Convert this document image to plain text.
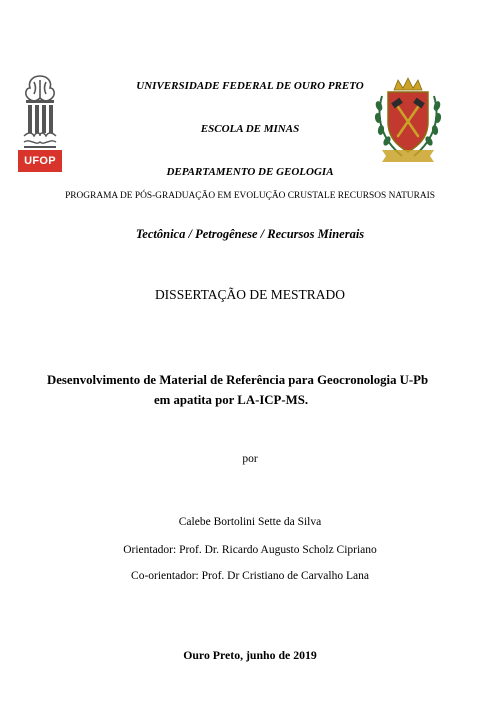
UFOP
UNIVERSIDADE FEDERAL DE OURO PRETO
ESCOLA DE MINAS
DEPARTAMENTO DE GEOLOGIA
PROGRAMA DE PÓS-GRADUAÇÃO EM EVOLUÇÃO CRUSTALE RECURSOS NATURAIS
Tectônica / Petrogênese / Recursos Minerais
DISSERTAÇÃO DE MESTRADO
Desenvolvimento de Material de Referência para Geocronologia U-Pb
em apatita por LA-ICP-MS.
por
Calebe Bortolini Sette da Silva
Orientador: Prof. Dr. Ricardo Augusto Scholz Cipriano
Co-orientador: Prof. Dr Cristiano de Carvalho Lana
Ouro Preto, junho de 2019
